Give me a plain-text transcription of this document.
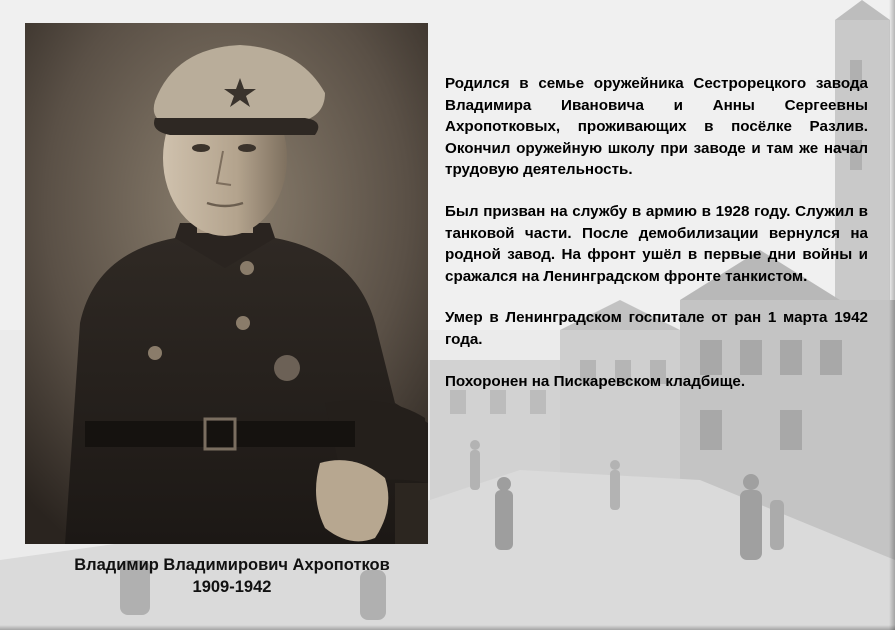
Владимир Владимирович Ахропотков
1909-1942

Родился в семье оружейника Сестрорецкого завода Владимира Ивановича и Анны Сергеевны Ахропотковых, проживающих в посёлке Разлив. Окончил оружейную школу при заводе и там же начал трудовую деятельность.

Был призван на службу в армию в 1928 году. Служил в танковой части. После демобилизации вернулся на родной завод. На фронт ушёл в первые дни войны и сражался на Ленинградском фронте танкистом.

Умер в Ленинградском госпитале от ран 1 марта 1942 года.

Похоронен на Пискаревском кладбище.
